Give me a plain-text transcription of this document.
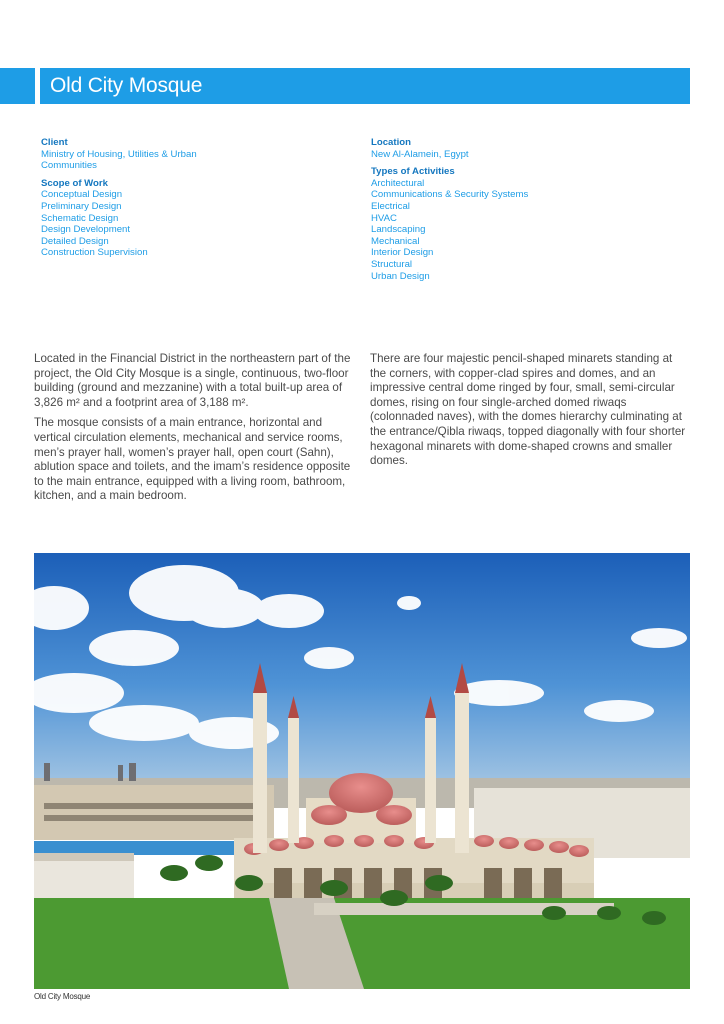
Old City Mosque
Client
Ministry of Housing, Utilities & Urban
Communities
Scope of Work
Conceptual Design
Preliminary Design
Schematic Design
Design Development
Detailed Design
Construction Supervision
Location
New Al-Alamein, Egypt
Types of Activities
Architectural
Communications & Security Systems
Electrical
HVAC
Landscaping
Mechanical
Interior Design
Structural
Urban Design

Located in the Financial District in the northeastern part of the project, the Old City Mosque is a single, continuous, two-floor building (ground and mezzanine) with a total built-up area of 3,826 m² and a footprint area of 3,188 m².

The mosque consists of a main entrance, horizontal and vertical circulation elements, mechanical and service rooms, men’s prayer hall, women’s prayer hall, open court (Sahn), ablution space and toilets, and the imam’s residence opposite to the main entrance, equipped with a living room, bathroom, kitchen, and a main bedroom.

There are four majestic pencil-shaped minarets standing at the corners, with copper-clad spires and domes, and an impressive central dome ringed by four, small, semi-circular domes, rising on four single-arched domed riwaqs (colonnaded naves), with the domes hierarchy culminating at the entrance/Qibla riwaqs, topped diagonally with four shorter hexagonal minarets with dome-shaped crowns and smaller domes.

Old City Mosque
